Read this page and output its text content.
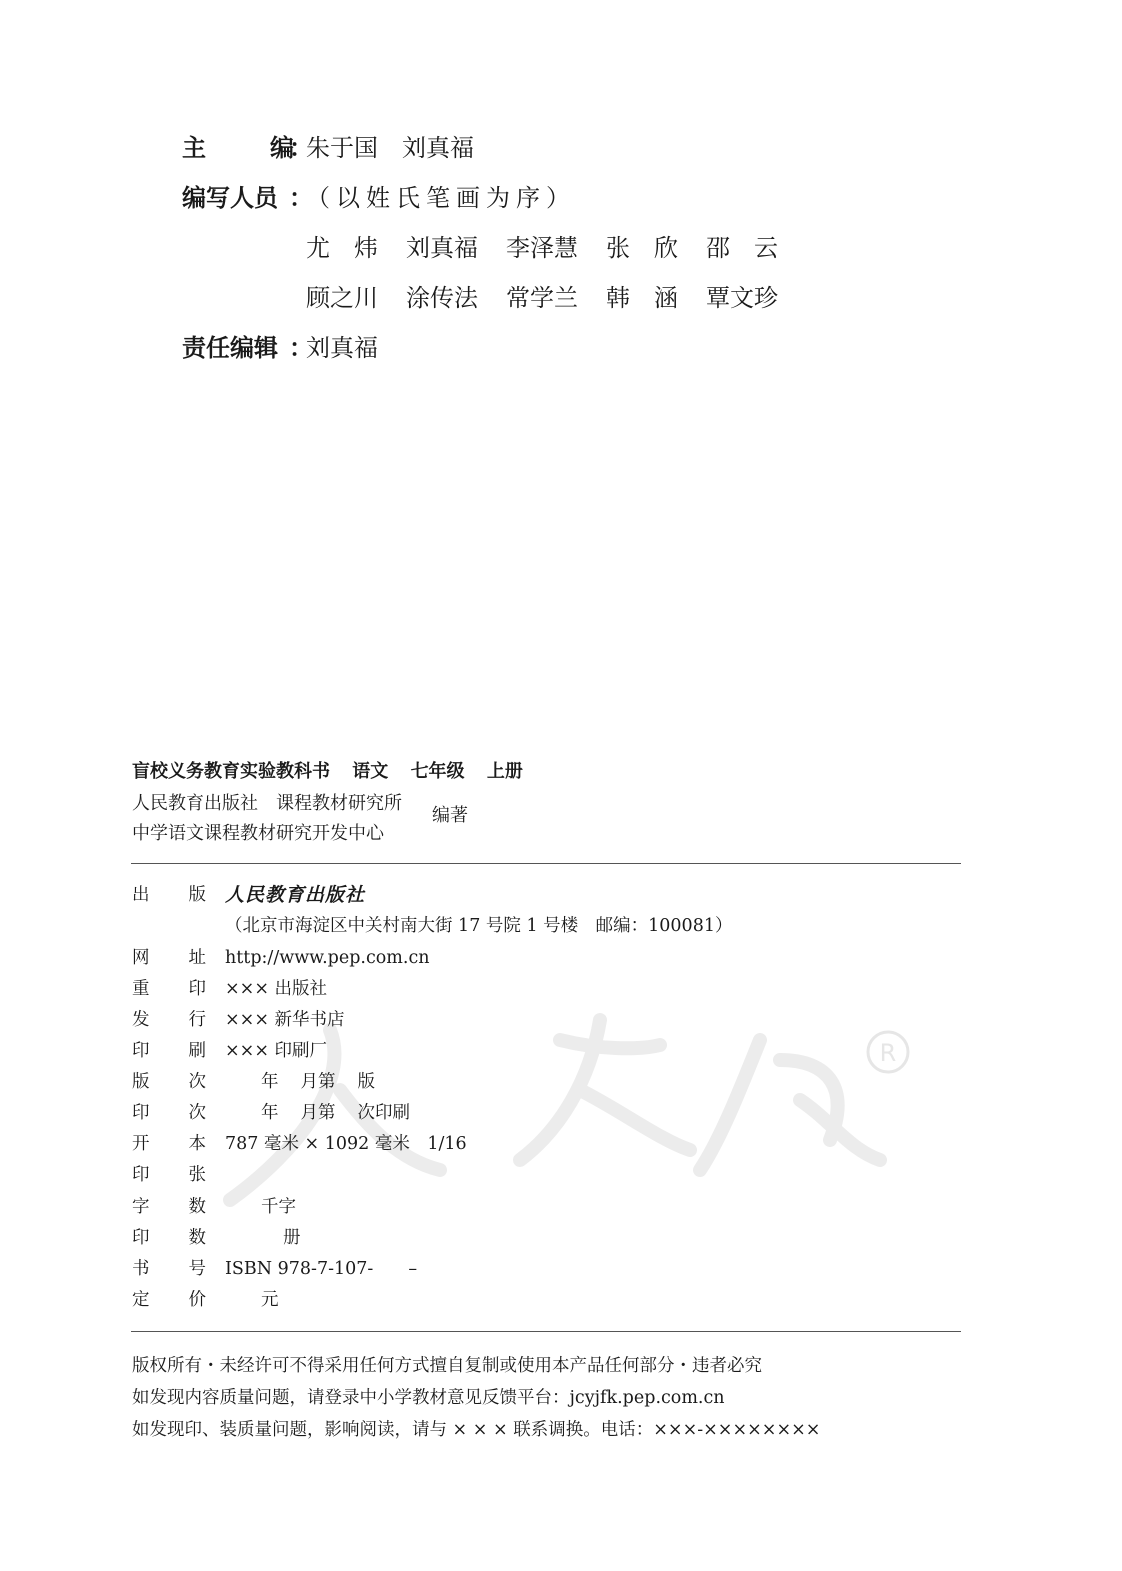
主	编
：
朱于国　刘真福
编写人员 ：
（以姓氏笔画为序）
尤　炜	刘真福	李泽慧	张　欣	邵　云
顾之川	涂传法	常学兰	韩　涵	覃文珍
责任编辑 ：
刘真福
R
盲校义务教育实验教科书 语文 七年级 上册
人民教育出版社　课程教材研究所
中学语文课程教材研究开发中心
编著
出 版 人民教育出版社
（北京市海淀区中关村南大街 17 号院 1 号楼　邮编：100081）
网 址 http://www.pep.com.cn
重 印 ××× 出版社
发 行 ××× 新华书店
印 刷 ××× 印刷厂
版 次	年 月第 版
印 次	年 月第 次印刷
开 本 787 毫米 × 1092 毫米　1/16
印 张
字 数	千字
印 数	册
书 号 ISBN 978-7-107-　　–
定 价	元
版权所有・未经许可不得采用任何方式擅自复制或使用本产品任何部分・违者必究
如发现内容质量问题，请登录中小学教材意见反馈平台：jcyjfk.pep.com.cn
如发现印、装质量问题，影响阅读，请与 × × × 联系调换。电话：×××-××××××××
